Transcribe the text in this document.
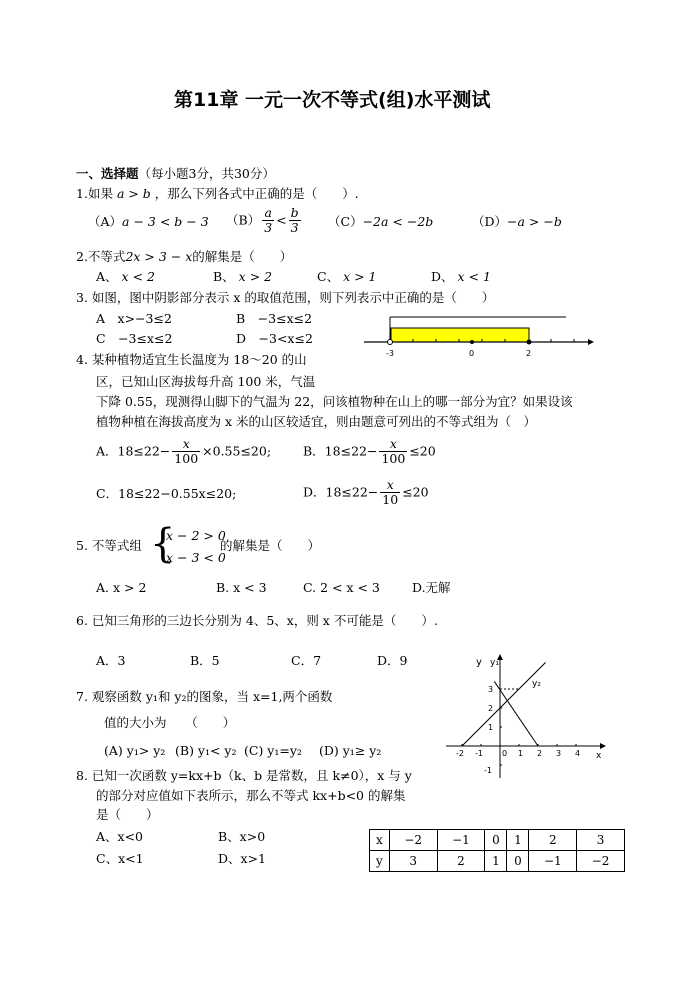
第11章 一元一次不等式(组)水平测试
一、选择题（每小题3分，共30分）
1.如果 a > b ，那么下列各式中正确的是（　　）.
（A）a − 3 < b − 3 $(B) \frac{a}{3} < \frac{b}{3} (C)-2a < -2b$	（D）−a > −b
2.不等式2x > 3 − x的解集是（　　）
A、 x < 2	B、 x > 2	C、 x > 1	D、 x < 1
3. 如图，图中阴影部分表示 x 的取值范围，则下列表示中正确的是（　　）
A　x>−3≤2	B　−3≤x≤2
C　−3≤x≤2	D　−3<x≤2
-3	0	2
4. 某种植物适宜生长温度为 18～20 的山
区，已知山区海拔每升高 100 米，气温
下降 0.55，现测得山脚下的气温为 22，问该植物种在山上的哪一部分为宜？如果设该
植物种植在海拔高度为 x 米的山区较适宜，则由题意可列出的不等式组为（　）
A．$18\le 22- \frac{x}{100} \times 0.55\le 20$;	B．$18\le 22- \frac{x}{100} \le 20$
C．18≤22−0.55x≤20;	D．$18\le 22- \frac{x}{10} \le 20$
5. 不等式组 {
x − 2 > 0
x − 3 < 0
的解集是（　　）
A. x > 2	B. x < 3	C. 2 < x < 3	D.无解
6. 已知三角形的三边长分别为 4、5、x，则 x 不可能是（　　）.
A．3	B．5	C．7	D．9
7. 观察函数 y₁和 y₂的图象，当 x=1,两个函数
值的大小为　　（　　）
(A) y₁> y₂ (B) y₁< y₂ (C) y₁=y₂ (D) y₁≥ y₂
y y₁
y₂
x
-2 -1 0 1 2 3 4
3
2
1
-1
8. 已知一次函数 y=kx+b（k、b 是常数，且 k≠0），x 与 y
的部分对应值如下表所示，那么不等式 kx+b<0 的解集
是（　　）
A、x<0	B、x>0
C、x<1	D、x>1
x	−2	−1	0	1	2	3
y	3	2	1	0	−1	−2
